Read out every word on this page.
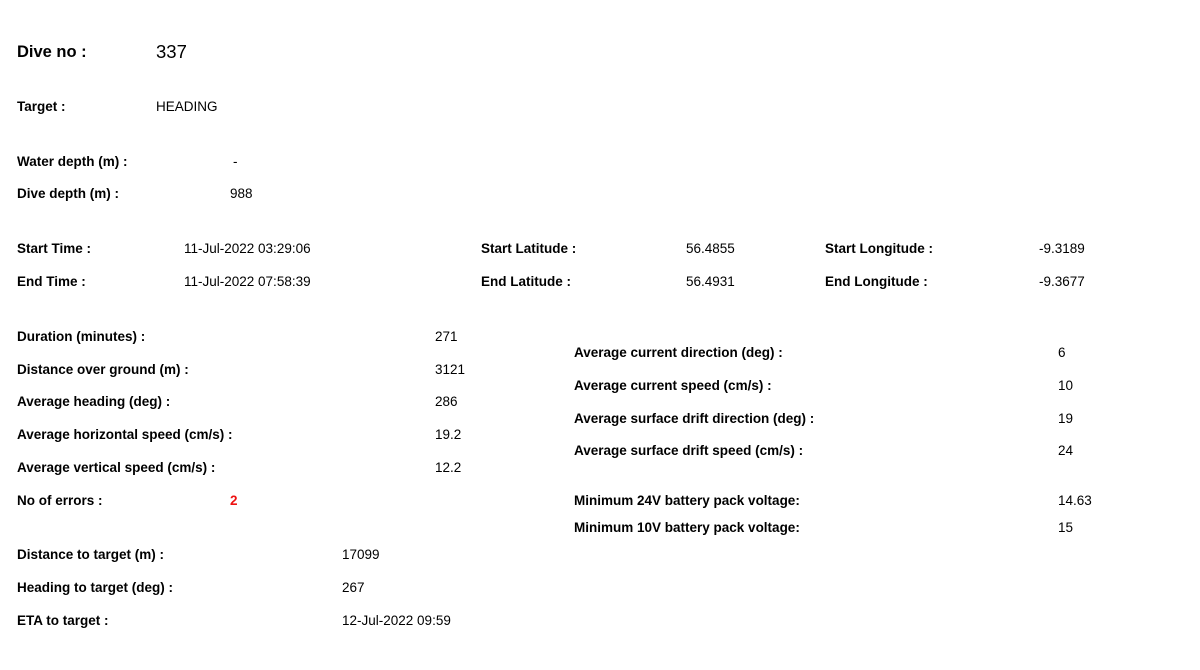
Dive no :	337
Target :	HEADING
Water depth (m) :	-
Dive depth (m) :	988
Start Time :	11-Jul-2022 03:29:06
End Time :	11-Jul-2022 07:58:39
Start Latitude :	56.4855
End Latitude :	56.4931
Start Longitude :	-9.3189
End Longitude :	-9.3677
Duration (minutes) :	271
Distance over ground (m) :	3121
Average heading (deg) :	286
Average horizontal speed (cm/s) :	19.2
Average vertical speed (cm/s) :	12.2
No of errors :	2
Average current direction (deg) :	6
Average current speed (cm/s) :	10
Average surface drift direction (deg) :	19
Average surface drift speed (cm/s) :	24
Minimum 24V battery pack voltage:	14.63
Minimum 10V battery pack voltage:	15
Distance to target (m) :	17099
Heading to target (deg) :	267
ETA to target :	12-Jul-2022 09:59
